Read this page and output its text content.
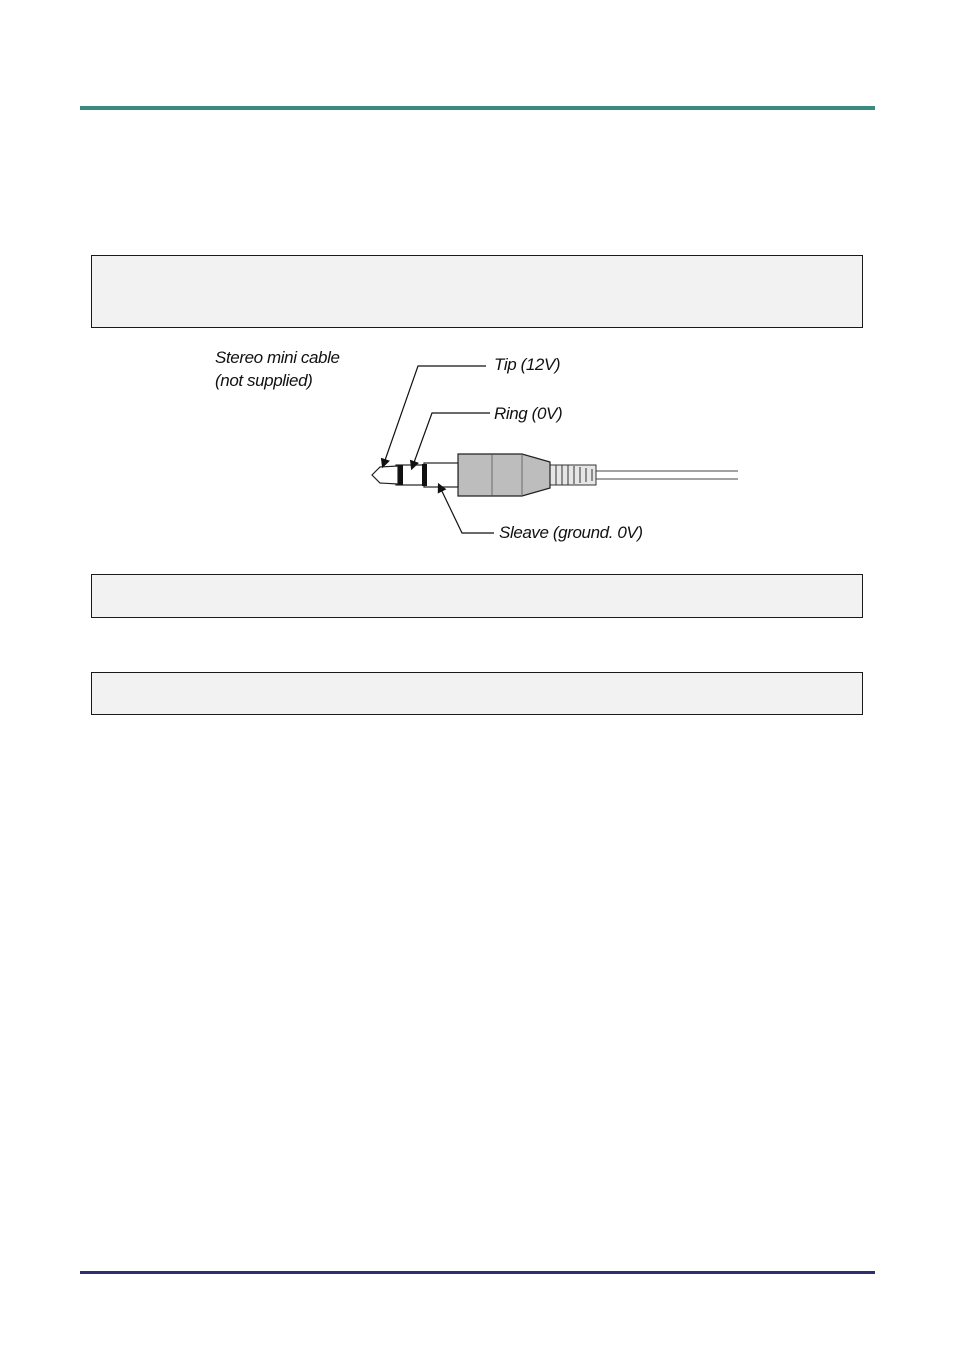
Stereo mini cable
(not supplied)
Tip (12V)
Ring (0V)
Sleave (ground. 0V)
